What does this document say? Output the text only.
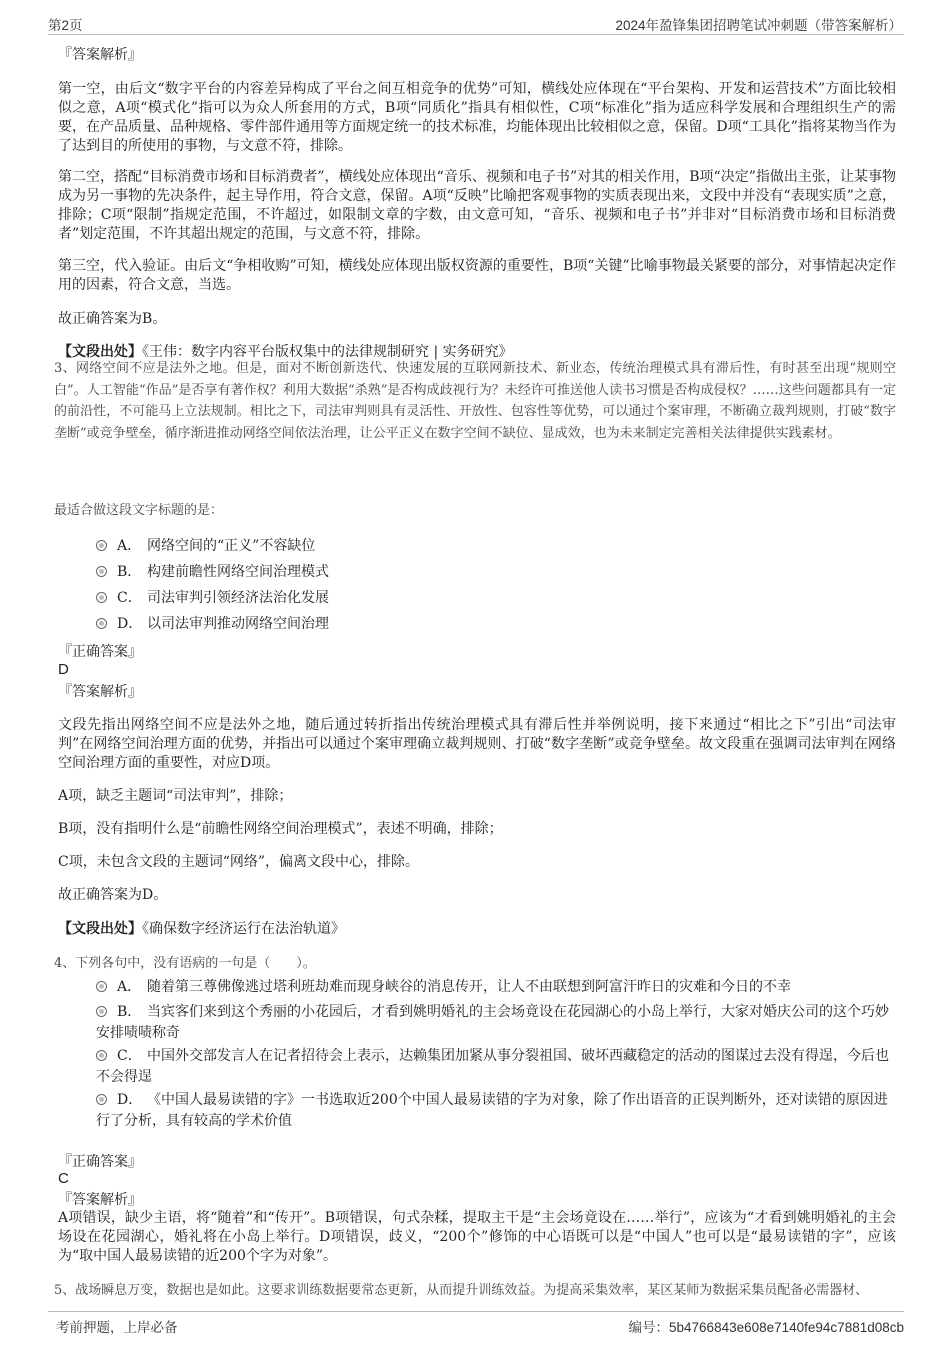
第2页	2024年盈锋集团招聘笔试冲刺题（带答案解析）
『答案解析』

第一空，由后文“数字平台的内容差异构成了平台之间互相竞争的优势”可知，横线处应体现在“平台架构、开发和运营技术”方面比较相似之意，A项“模式化”指可以为众人所套用的方式，B项“同质化”指具有相似性，C项“标准化”指为适应科学发展和合理组织生产的需要，在产品质量、品种规格、零件部件通用等方面规定统一的技术标准，均能体现出比较相似之意，保留。D项“工具化”指将某物当作为了达到目的所使用的事物，与文意不符，排除。

第二空，搭配“目标消费市场和目标消费者”，横线处应体现出“音乐、视频和电子书”对其的相关作用，B项“决定”指做出主张，让某事物成为另一事物的先决条件，起主导作用，符合文意，保留。A项“反映”比喻把客观事物的实质表现出来，文段中并没有“表现实质”之意，排除；C项“限制”指规定范围，不许超过，如限制文章的字数，由文意可知，“音乐、视频和电子书”并非对“目标消费市场和目标消费者”划定范围，不许其超出规定的范围，与文意不符，排除。

第三空，代入验证。由后文“争相收购”可知，横线处应体现出版权资源的重要性，B项“关键”比喻事物最关紧要的部分，对事情起决定作用的因素，符合文意，当选。

故正确答案为B。
【文段出处】《王伟：数字内容平台版权集中的法律规制研究 | 实务研究》

3、网络空间不应是法外之地。但是，面对不断创新迭代、快速发展的互联网新技术、新业态，传统治理模式具有滞后性，有时甚至出现“规则空白”。人工智能“作品”是否享有著作权？利用大数据“杀熟”是否构成歧视行为？未经许可推送他人读书习惯是否构成侵权？……这些问题都具有一定的前沿性，不可能马上立法规制。相比之下，司法审判则具有灵活性、开放性、包容性等优势，可以通过个案审理，不断确立裁判规则，打破“数字垄断”或竞争壁垒，循序渐进推动网络空间依法治理，让公平正义在数字空间不缺位、显成效，也为未来制定完善相关法律提供实践素材。

最适合做这段文字标题的是：
A． 网络空间的“正义”不容缺位
B． 构建前瞻性网络空间治理模式
C． 司法审判引领经济法治化发展
D． 以司法审判推动网络空间治理
『正确答案』
D
『答案解析』

文段先指出网络空间不应是法外之地，随后通过转折指出传统治理模式具有滞后性并举例说明，接下来通过“相比之下”引出“司法审判”在网络空间治理方面的优势，并指出可以通过个案审理确立裁判规则、打破“数字垄断”或竞争壁垒。故文段重在强调司法审判在网络空间治理方面的重要性，对应D项。

A项，缺乏主题词“司法审判”，排除；
B项，没有指明什么是“前瞻性网络空间治理模式”，表述不明确，排除；
C项，未包含文段的主题词“网络”，偏离文段中心，排除。
故正确答案为D。
【文段出处】《确保数字经济运行在法治轨道》
4、下列各句中，没有语病的一句是（　　）。
A． 随着第三尊佛像逃过塔利班劫难而现身峡谷的消息传开，让人不由联想到阿富汗昨日的灾难和今日的不幸
B． 当宾客们来到这个秀丽的小花园后，才看到姚明婚礼的主会场竟设在花园湖心的小岛上举行，大家对婚庆公司的这个巧妙安排啧啧称奇
C． 中国外交部发言人在记者招待会上表示，达赖集团加紧从事分裂祖国、破坏西藏稳定的活动的图谋过去没有得逞，今后也不会得逞
D． 《中国人最易读错的字》一书选取近200个中国人最易读错的字为对象，除了作出语音的正误判断外，还对读错的原因进行了分析，具有较高的学术价值
『正确答案』
C
『答案解析』

A项错误，缺少主语，将“随着”和“传开”。B项错误，句式杂糅，提取主干是“主会场竟设在……举行”，应该为“才看到姚明婚礼的主会场设在花园湖心，婚礼将在小岛上举行。D项错误，歧义，“200个”修饰的中心语既可以是“中国人”也可以是“最易读错的字”，应该为“取中国人最易读错的近200个字为对象”。

5、战场瞬息万变，数据也是如此。这要求训练数据要常态更新，从而提升训练效益。为提高采集效率，某区某师为数据采集员配备必需器材、

考前押题，上岸必备	编号：5b4766843e608e7140fe94c7881d08cb
